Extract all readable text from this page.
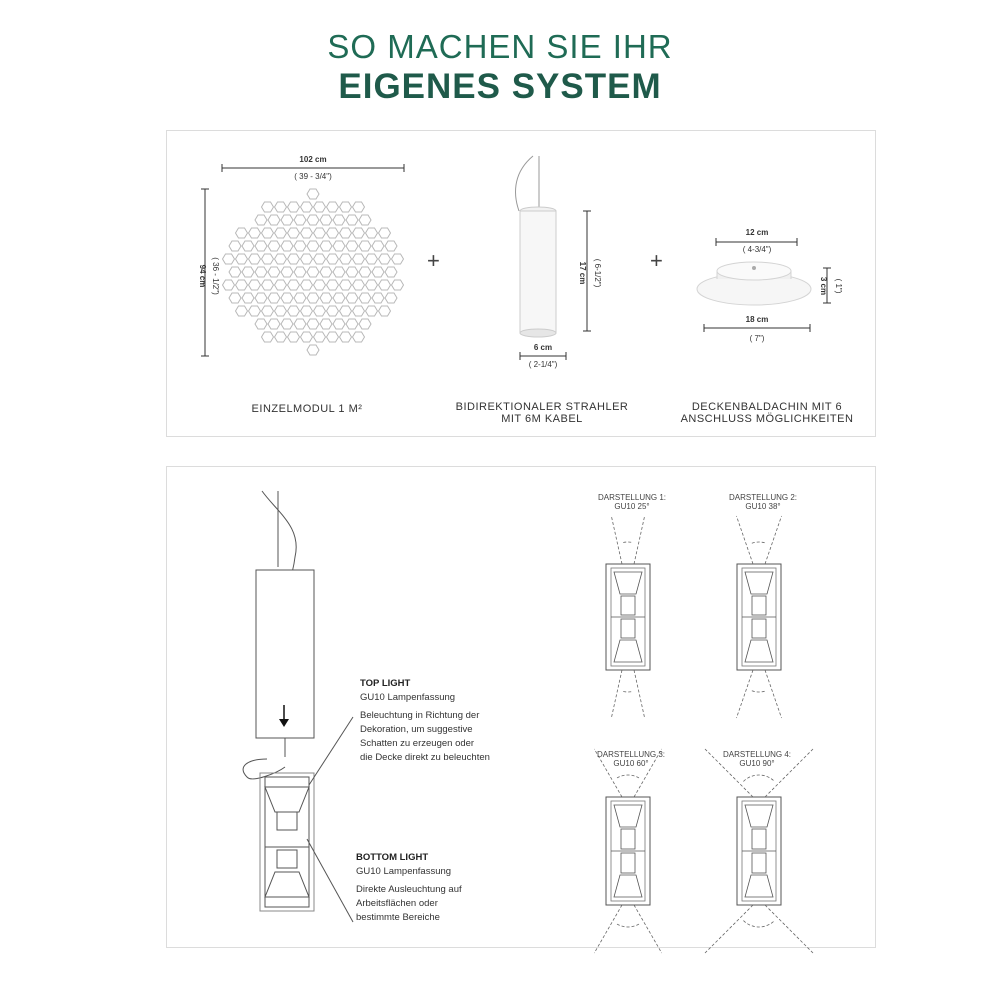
SO MACHEN SIE IHR
EIGENES SYSTEM
102 cm
( 39 - 3/4")
94 cm ( 36 - 1/2")	17 cm ( 6-1/2")
6 cm
( 2-1/4")
12 cm
( 4-3/4")
3 cm ( 1")
18 cm
( 7")
+	+
EINZELMODUL 1 M²	BIDIREKTIONALER STRAHLER
MIT 6M KABEL
DECKENBALDACHIN MIT 6
ANSCHLUSS MÖGLICHKEITEN
TOP LIGHT
GU10 Lampenfassung
Beleuchtung in Richtung der
Dekoration, um suggestive
Schatten zu erzeugen oder
die Decke direkt zu beleuchten
BOTTOM LIGHT
GU10 Lampenfassung
Direkte Ausleuchtung auf
Arbeitsflächen oder
bestimmte Bereiche
DARSTELLUNG 1:
GU10 25°
DARSTELLUNG 2:
GU10 38°
DARSTELLUNG 3:
GU10 60°
DARSTELLUNG 4:
GU10 90°
